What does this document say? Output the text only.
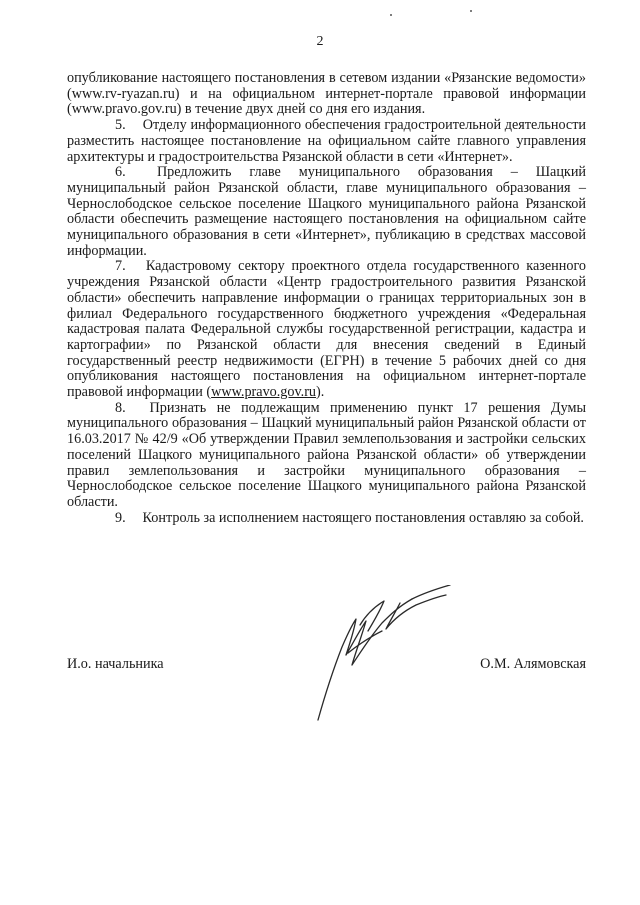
2

опубликование настоящего постановления в сетевом издании «Рязанские ведомости» (www.rv-ryazan.ru) и на официальном интернет-портале правовой информации (www.pravo.gov.ru) в течение двух дней со дня его издания.

5. Отделу информационного обеспечения градостроительной деятельности разместить настоящее постановление на официальном сайте главного управления архитектуры и градостроительства Рязанской области в сети «Интернет».

6. Предложить главе муниципального образования – Шацкий муниципальный район Рязанской области, главе муниципального образования – Чернослободское сельское поселение Шацкого муниципального района Рязанской области обеспечить размещение настоящего постановления на официальном сайте муниципального образования в сети «Интернет», публикацию в средствах массовой информации.

7. Кадастровому сектору проектного отдела государственного казенного учреждения Рязанской области «Центр градостроительного развития Рязанской области» обеспечить направление информации о границах территориальных зон в филиал Федерального государственного бюджетного учреждения «Федеральная кадастровая палата Федеральной службы государственной регистрации, кадастра и картографии» по Рязанской области для внесения сведений в Единый государственный реестр недвижимости (ЕГРН) в течение 5 рабочих дней со дня опубликования настоящего постановления на официальном интернет-портале правовой информации (www.pravo.gov.ru).

8. Признать не подлежащим применению пункт 17 решения Думы муниципального образования – Шацкий муниципальный район Рязанской области от 16.03.2017 № 42/9 «Об утверждении Правил землепользования и застройки сельских поселений Шацкого муниципального района Рязанской области» об утверждении правил землепользования и застройки муниципального образования – Чернослободское сельское поселение Шацкого муниципального района Рязанской области.

9. Контроль за исполнением настоящего постановления оставляю за собой.

И.о. начальника	О.М. Алямовская
